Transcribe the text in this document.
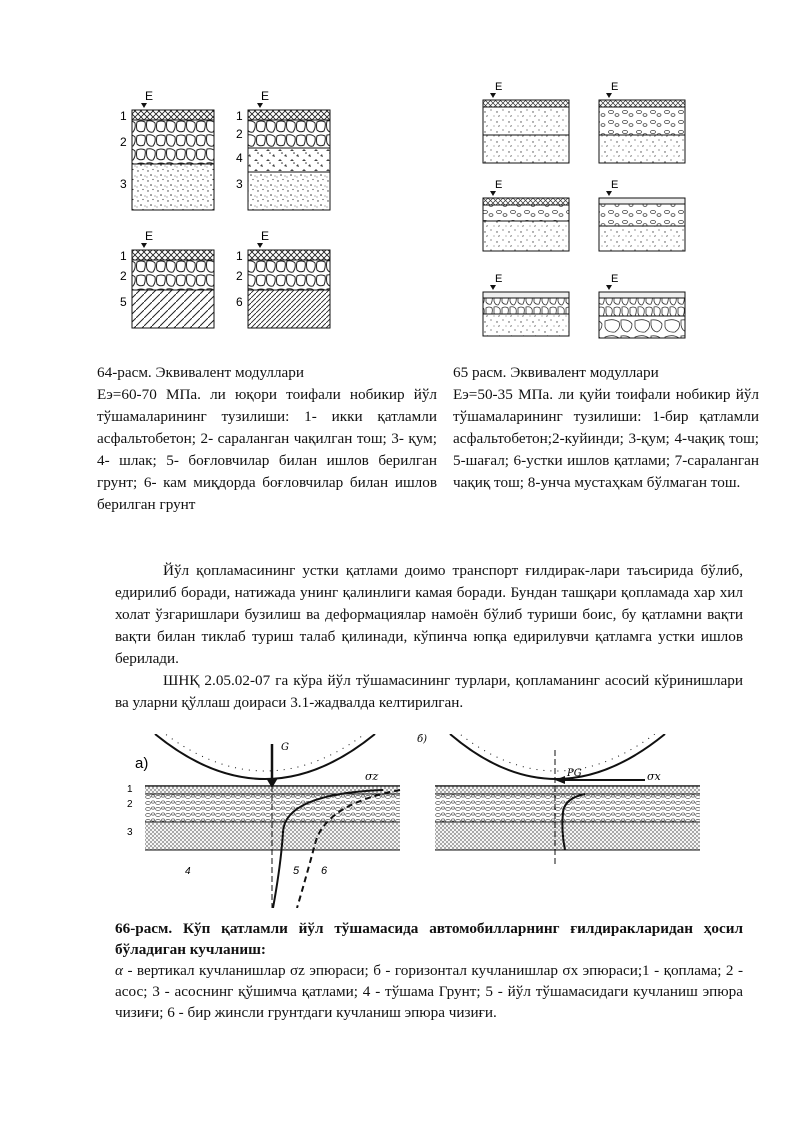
Е
1
2
3
Е
1
2
4
3
Е
1
2
5
Е
1
2
6
Е	Е
Е	Е
Е	Е

64-расм. Эквивалент модуллари

Еэ=60-70 МПа. ли юқори тоифали нобикир йўл тўшамаларининг тузилиши: 1- икки қатламли асфальтобетон; 2- сараланган чақилган тош; 3- қум; 4- шлак; 5- боғловчилар билан ишлов берилган грунт; 6- кам миқдорда боғловчилар билан ишлов берилган грунт

65 расм. Эквивалент модуллари

Еэ=50-35 МПа. ли қуйи тоифали нобикир йўл тўшамаларининг тузилиши: 1-бир қатламли асфальтобетон;2-куйинди; 3-қум; 4-чақиқ тош; 5-шағал; 6-устки ишлов қатлами; 7-сараланган чақиқ тош; 8-унча мустаҳкам бўлмаган тош.

Йўл қопламасининг устки қатлами доимо транспорт ғилдирак-лари таъсирида бўлиб, едирилиб боради, натижада унинг қалинлиги камая боради. Бундан ташқари қопламада хар хил холат ўзгаришлари бузилиш ва деформациялар намоён бўлиб туриши боис, бу қатламни вақти вақти билан тиклаб туриш талаб қилинади, кўпинча юпқа едирилувчи қатламга устки ишлов берилади.

ШНҚ 2.05.02-07 га кўра йўл тўшамасининг турлари, қопламанинг асосий кўринишлари ва уларни қўллаш доираси 3.1-жадвалда келтирилган.

а)
G
σz
1
2
3
4	5 6
б)
PG	σx
66-расм. Кўп қатламли йўл тўшамасида автомобилларнинг ғилдиракларидан ҳосил бўладиган кучланиш:
α - вертикал кучланишлар σz эпюраси; б - горизонтал кучланишлар σx эпюраси;1 - қоплама; 2 - асос; 3 - асоснинг қўшимча қатлами; 4 - тўшама Грунт; 5 - йўл тўшамасидаги кучланиш эпюра чизиғи; 6 - бир жинсли грунтдаги кучланиш эпюра чизиғи.
